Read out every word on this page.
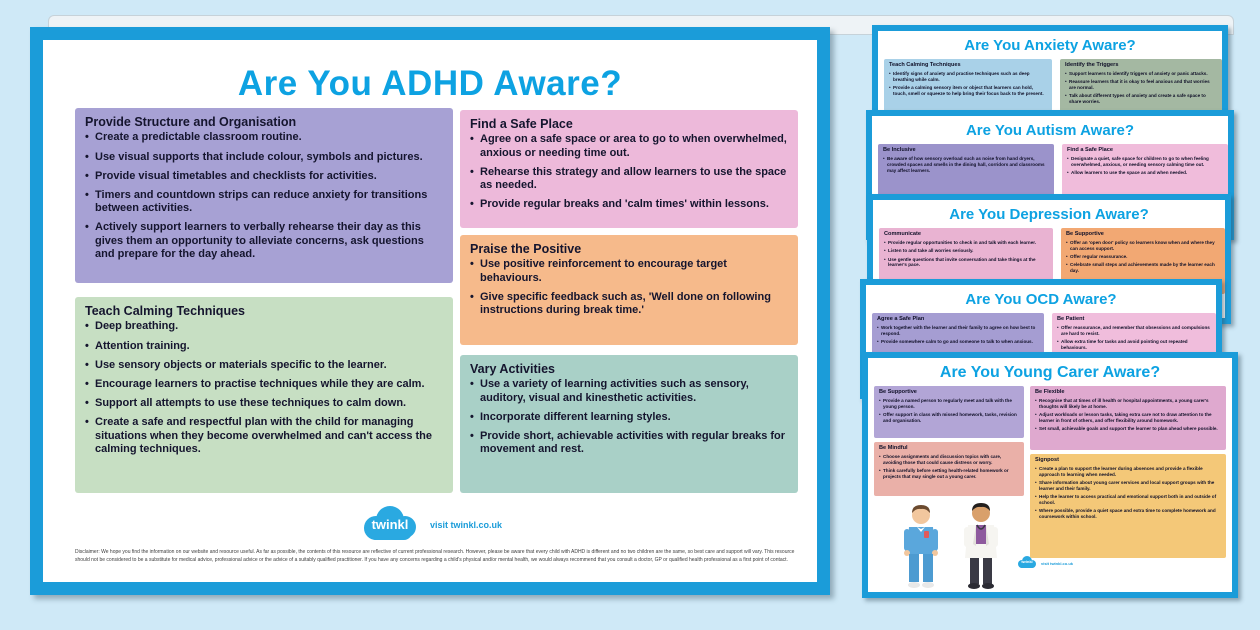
Are You ADHD Aware?
Provide Structure and Organisation
• Create a predictable classroom routine.
• Use visual supports that include colour, symbols and pictures.
• Provide visual timetables and checklists for activities.
• Timers and countdown strips can reduce anxiety for transitions between activities.
• Actively support learners to verbally rehearse their day as this gives them an opportunity to alleviate concerns, ask questions and prepare for the day ahead.
Teach Calming Techniques
• Deep breathing.
• Attention training.
• Use sensory objects or materials specific to the learner.
• Encourage learners to practise techniques while they are calm.
• Support all attempts to use these techniques to calm down.
• Create a safe and respectful plan with the child for managing situations when they become overwhelmed and can't access the calming techniques.
Find a Safe Place
• Agree on a safe space or area to go to when overwhelmed, anxious or needing time out.
• Rehearse this strategy and allow learners to use the space as needed.
• Provide regular breaks and 'calm times' within lessons.
Praise the Positive
• Use positive reinforcement to encourage target behaviours.
• Give specific feedback such as, 'Well done on following instructions during break time.'
Vary Activities
• Use a variety of learning activities such as sensory, auditory, visual and kinesthetic activities.
• Incorporate different learning styles.
• Provide short, achievable activities with regular breaks for movement and rest.
twinkl	visit twinkl.co.uk
Disclaimer: We hope you find the information on our website and resource useful. As far as possible, the contents of this resource are reflective of current professional research. However, please be aware that every child with ADHD is different and no two children are the same, so best care and support will vary. This resource should not be considered to be a substitute for medical advice, professional advice or the advice of a suitably qualified practitioner. If you have any concerns regarding a child's physical and/or mental health, we would always recommend that you consult a doctor, GP or qualified health professional as a first point of contact.
Are You Anxiety Aware?
Teach Calming Techniques
• Identify signs of anxiety and practise techniques such as deep breathing while calm.
• Provide a calming sensory item or object that learners can hold, touch, smell or squeeze to help bring their focus back to the present.
Identify the Triggers
• Support learners to identify triggers of anxiety or panic attacks.
• Reassure learners that it is okay to feel anxious and that worries are normal.
• Talk about different types of anxiety and create a safe space to share worries.
Are You Autism Aware?
Be Inclusive
• Be aware of how sensory overload such as noise from hand dryers, crowded spaces and smells in the dining hall, corridors and classrooms may affect learners.
Find a Safe Place
• Designate a quiet, safe space for children to go to when feeling overwhelmed, anxious, or needing sensory calming time out.
• Allow learners to use the space as and when needed.
Are You Depression Aware?
Communicate
• Provide regular opportunities to check in and talk with each learner.
• Listen to and take all worries seriously.
• Use gentle questions that invite conversation and take things at the learner's pace.
Be Supportive
• Offer an 'open door' policy so learners know when and where they can access support.
• Offer regular reassurance.
• Celebrate small steps and achievements made by the learner each day.
Are You OCD Aware?
Agree a Safe Plan
• Work together with the learner and their family to agree on how best to respond.
• Provide somewhere calm to go and someone to talk to when anxious.
Be Patient
• Offer reassurance, and remember that obsessions and compulsions are hard to resist.
• Allow extra time for tasks and avoid pointing out repeated behaviours.
Are You Young Carer Aware?
Be Supportive
• Provide a named person to regularly meet and talk with the young person.
• Offer support in class with missed homework, tasks, revision and organisation.
Be Flexible
• Recognise that at times of ill health or hospital appointments, a young carer's thoughts will likely be at home.
• Adjust workloads or lesson tasks, taking extra care not to draw attention to the learner in front of others, and offer flexibility around homework.
• Set small, achievable goals and support the learner to plan ahead where possible.
Be Mindful
• Choose assignments and discussion topics with care, avoiding those that could cause distress or worry.
• Think carefully before setting health-related homework or projects that may single out a young carer.
Signpost
• Create a plan to support the learner during absences and provide a flexible approach to learning when needed.
• Share information about young carer services and local support groups with the learner and their family.
• Help the learner to access practical and emotional support both in and outside of school.
• Where possible, provide a quiet space and extra time to complete homework and coursework within school.
twinkl	visit twinkl.co.uk
